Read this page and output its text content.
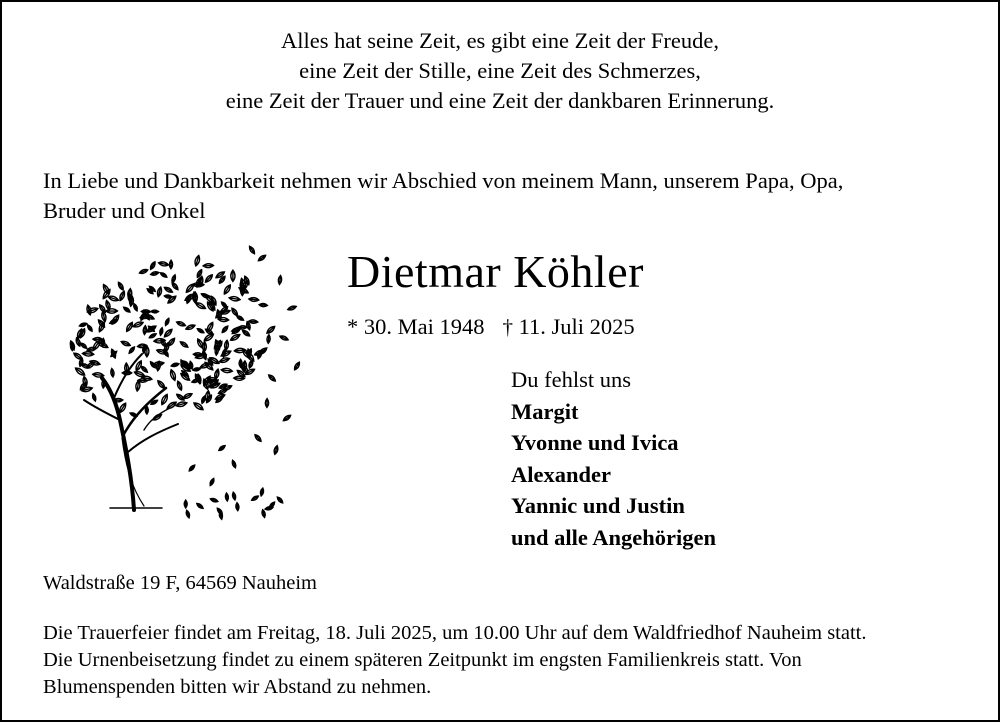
Alles hat seine Zeit, es gibt eine Zeit der Freude,
eine Zeit der Stille, eine Zeit des Schmerzes,
eine Zeit der Trauer und eine Zeit der dankbaren Erinnerung.
In Liebe und Dankbarkeit nehmen wir Abschied von meinem Mann, unserem Papa, Opa,
Bruder und Onkel
Dietmar Köhler
* 30. Mai 1948 † 11. Juli 2025
Du fehlst uns
Margit
Yvonne und Ivica
Alexander
Yannic und Justin
und alle Angehörigen
Waldstraße 19 F, 64569 Nauheim
Die Trauerfeier findet am Freitag, 18. Juli 2025, um 10.00 Uhr auf dem Waldfriedhof Nauheim statt.
Die Urnenbeisetzung findet zu einem späteren Zeitpunkt im engsten Familienkreis statt. Von
Blumenspenden bitten wir Abstand zu nehmen.
